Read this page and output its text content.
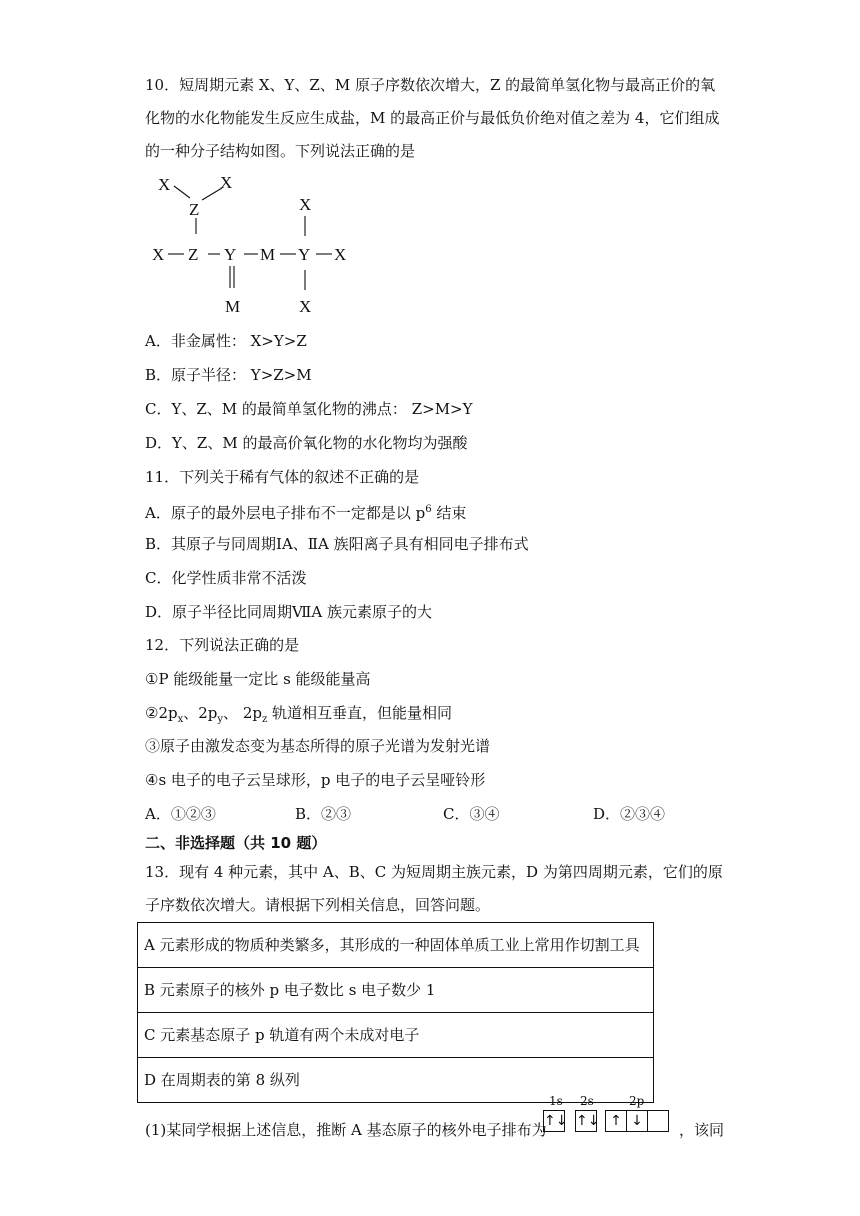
10．短周期元素 X、Y、Z、M 原子序数依次增大，Z 的最简单氢化物与最高正价的氧
化物的水化物能发生反应生成盐，M 的最高正价与最低负价绝对值之差为 4，它们组成
的一种分子结构如图。下列说法正确的是
X	X
Z
X Z Y M Y X
X
X
M
A．非金属性： X>Y>Z
B．原子半径： Y>Z>M
C．Y、Z、M 的最简单氢化物的沸点： Z>M>Y
D．Y、Z、M 的最高价氧化物的水化物均为强酸
11．下列关于稀有气体的叙述不正确的是
A．原子的最外层电子排布不一定都是以 $p^6$ 结束
B．其原子与同周期ⅠA、ⅡA 族阳离子具有相同电子排布式
C．化学性质非常不活泼
D．原子半径比同周期ⅦA 族元素原子的大
12．下列说法正确的是
①P 能级能量一定比 s 能级能量高
$②2p_x$、$2p_y$、 $2p_z$ 轨道相互垂直，但能量相同
③原子由激发态变为基态所得的原子光谱为发射光谱
④s 电子的电子云呈球形，p 电子的电子云呈哑铃形
A．①②③	B．②③	C．③④	D．②③④
二、非选择题（共 10 题）
13．现有 4 种元素，其中 A、B、C 为短周期主族元素，D 为第四周期元素，它们的原
子序数依次增大。请根据下列相关信息，回答问题。
A 元素形成的物质种类繁多，其形成的一种固体单质工业上常用作切割工具
B 元素原子的核外 p 电子数比 s 电子数少 1
C 元素基态原子 p 轨道有两个未成对电子
D 在周期表的第 8 纵列
(1)某同学根据上述信息，推断 A 基态原子的核外电子排布为
1s
↑↓
2s
↑↓
2p
↑ ↓	，该同
